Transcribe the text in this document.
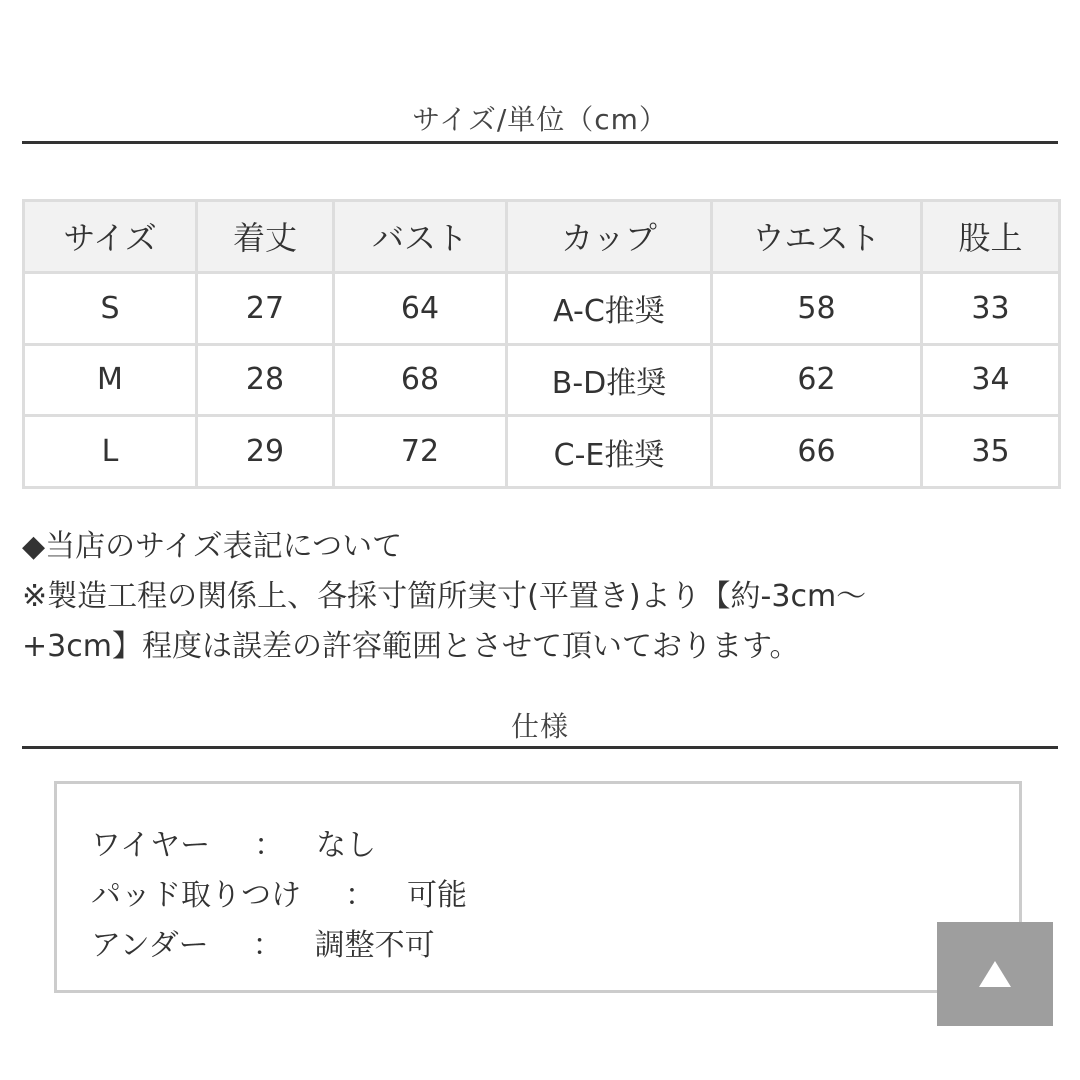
サイズ/単位（cm）
サイズ	着丈	バスト	カップ	ウエスト	股上
S	27	64	A-C推奨	58	33
M	28	68	B-D推奨	62	34
L	29	72	C-E推奨	66	35
◆当店のサイズ表記について
※製造工程の関係上、各採寸箇所実寸(平置き)より【約-3cm〜
+3cm】程度は誤差の許容範囲とさせて頂いております。
仕様
ワイヤー ： なし
パッド取りつけ ： 可能
アンダー ： 調整不可
